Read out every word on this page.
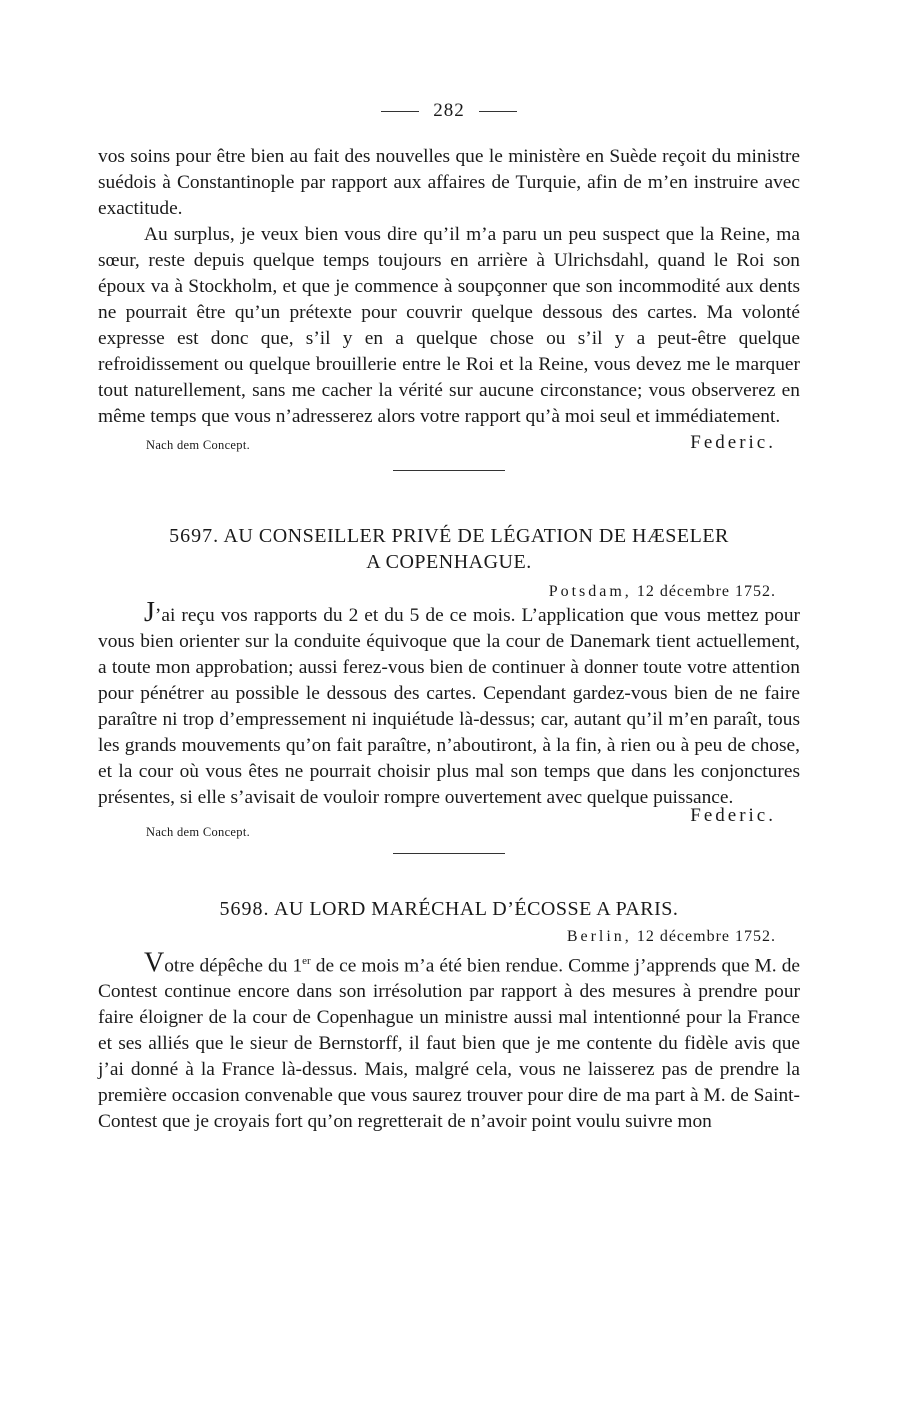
282

vos soins pour être bien au fait des nouvelles que le ministère en Suède reçoit du ministre suédois à Constantinople par rapport aux affaires de Turquie, afin de m’en instruire avec exactitude.

Au surplus, je veux bien vous dire qu’il m’a paru un peu suspect que la Reine, ma sœur, reste depuis quelque temps toujours en arrière à Ulrichsdahl, quand le Roi son époux va à Stockholm, et que je commence à soupçonner que son incommodité aux dents ne pourrait être qu’un prétexte pour couvrir quelque dessous des cartes. Ma volonté expresse est donc que, s’il y en a quelque chose ou s’il y a peut-être quelque refroidissement ou quelque brouillerie entre le Roi et la Reine, vous devez me le marquer tout naturellement, sans me cacher la vérité sur aucune circonstance; vous observerez en même temps que vous n’adresserez alors votre rapport qu’à moi seul et immédiatement.

Nach dem Concept.	Federic.
5697. AU CONSEILLER PRIVÉ DE LÉGATION DE HÆSELER
A COPENHAGUE.
Potsdam, 12 décembre 1752.

J’ai reçu vos rapports du 2 et du 5 de ce mois. L’application que vous mettez pour vous bien orienter sur la conduite équivoque que la cour de Danemark tient actuellement, a toute mon approbation; aussi ferez-vous bien de continuer à donner toute votre attention pour pénétrer au possible le dessous des cartes. Cependant gardez-vous bien de ne faire paraître ni trop d’empressement ni inquiétude là-dessus; car, autant qu’il m’en paraît, tous les grands mouvements qu’on fait paraître, n’aboutiront, à la fin, à rien ou à peu de chose, et la cour où vous êtes ne pourrait choisir plus mal son temps que dans les conjonctures présentes, si elle s’avisait de vouloir rompre ouvertement avec quelque puissance.

Nach dem Concept.
Federic.
5698. AU LORD MARÉCHAL D’ÉCOSSE A PARIS.
Berlin, 12 décembre 1752.

Votre dépêche du 1er de ce mois m’a été bien rendue. Comme j’apprends que M. de Contest continue encore dans son irrésolution par rapport à des mesures à prendre pour faire éloigner de la cour de Copenhague un ministre aussi mal intentionné pour la France et ses alliés que le sieur de Bernstorff, il faut bien que je me contente du fidèle avis que j’ai donné à la France là-dessus. Mais, malgré cela, vous ne laisserez pas de prendre la première occasion convenable que vous saurez trouver pour dire de ma part à M. de Saint-Contest que je croyais fort qu’on regretterait de n’avoir point voulu suivre mon
